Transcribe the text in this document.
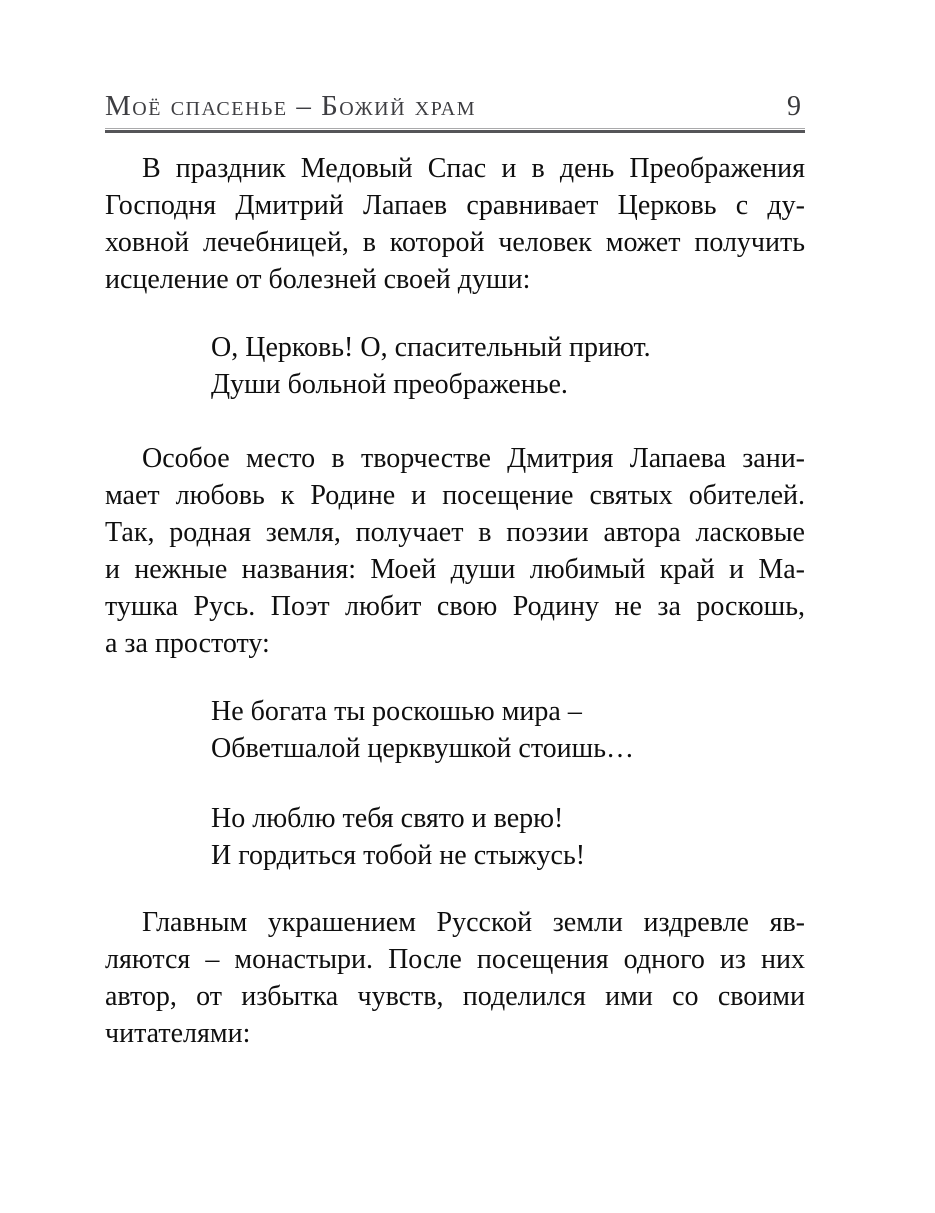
Моё спасенье – Божий храм	9
В праздник Медовый Спас и в день Преображения
Господня Дмитрий Лапаев сравнивает Церковь с ду-
ховной лечебницей, в которой человек может получить
исцеление от болезней своей души:
О, Церковь! О, спасительный приют.
Души больной преображенье.
Особое место в творчестве Дмитрия Лапаева зани-
мает любовь к Родине и посещение святых обителей.
Так, родная земля, получает в поэзии автора ласковые
и нежные названия: Моей души любимый край и Ма-
тушка Русь. Поэт любит свою Родину не за роскошь,
а за простоту:
Не богата ты роскошью мира –
Обветшалой церквушкой стоишь…
Но люблю тебя свято и верю!
И гордиться тобой не стыжусь!
Главным украшением Русской земли издревле яв-
ляются – монастыри. После посещения одного из них
автор, от избытка чувств, поделился ими со своими
читателями:
